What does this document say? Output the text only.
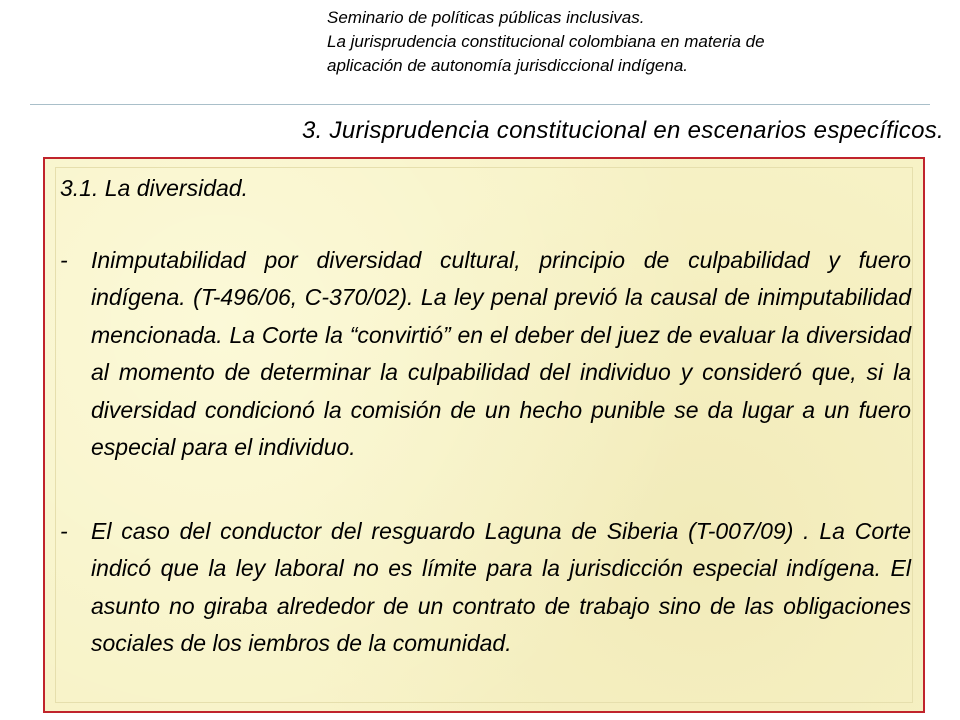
Seminario de políticas públicas inclusivas.
La jurisprudencia constitucional colombiana en materia de
aplicación de autonomía jurisdiccional indígena.
3. Jurisprudencia constitucional en escenarios específicos.
3.1. La diversidad.
-	Inimputabilidad por diversidad cultural, principio de culpabilidad y fuero indígena. (T-496/06, C-370/02). La ley penal previó la causal de inimputabilidad mencionada. La Corte la “convirtió” en el deber del juez de evaluar la diversidad al momento de determinar la culpabilidad del individuo y consideró que, si la diversidad condicionó la comisión de un hecho punible se da lugar a un fuero especial para el individuo.
-	El caso del conductor del resguardo Laguna de Siberia (T-007/09) . La Corte indicó que la ley laboral no es límite para la jurisdicción especial indígena. El asunto no giraba alrededor de un contrato de trabajo sino de las obligaciones sociales de los iembros de la comunidad.
